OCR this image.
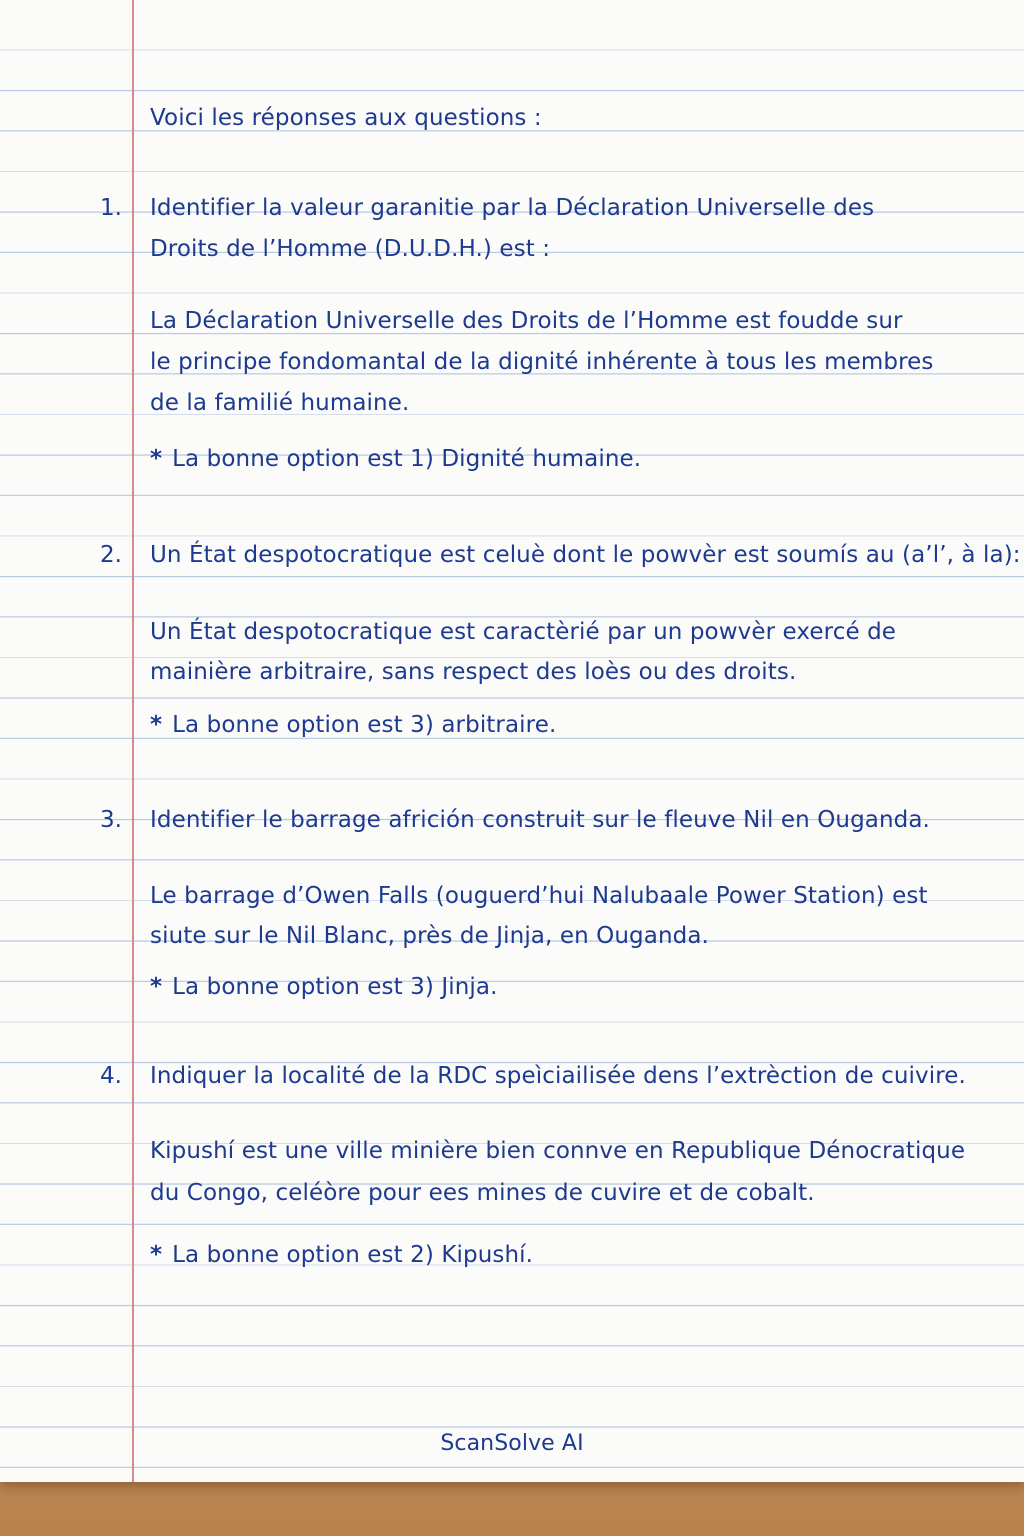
Voici les réponses aux questions :
1. Identifier la valeur garanitie par la Déclaration Universelle des
Droits de l’Homme (D.U.D.H.) est :
La Déclaration Universelle des Droits de l’Homme est foudde sur
le principe fondomantal de la dignité inhérente à tous les membres
de la familié humaine.
* La bonne option est 1) Dignité humaine.
2. Un État despotocratique est celuè dont le powvèr est soumís au (a’l’, à la):
Un État despotocratique est caractèrié par un powvèr exercé de
mainière arbitraire, sans respect des loès ou des droits.
* La bonne option est 3) arbitraire.
3. Identifier le barrage africión construit sur le fleuve Nil en Ouganda.
Le barrage d’Owen Falls (ouguerd’hui Nalubaale Power Station) est
siute sur le Nil Blanc, près de Jinja, en Ouganda.
* La bonne option est 3) Jinja.
4. Indiquer la localité de la RDC speìciailisée dens l’extrèction de cuivire.
Kipushí est une ville minière bien connve en Republique Dénocratique
du Congo, celéòre pour ees mines de cuvire et de cobalt.
* La bonne option est 2) Kipushí.
ScanSolve AI
